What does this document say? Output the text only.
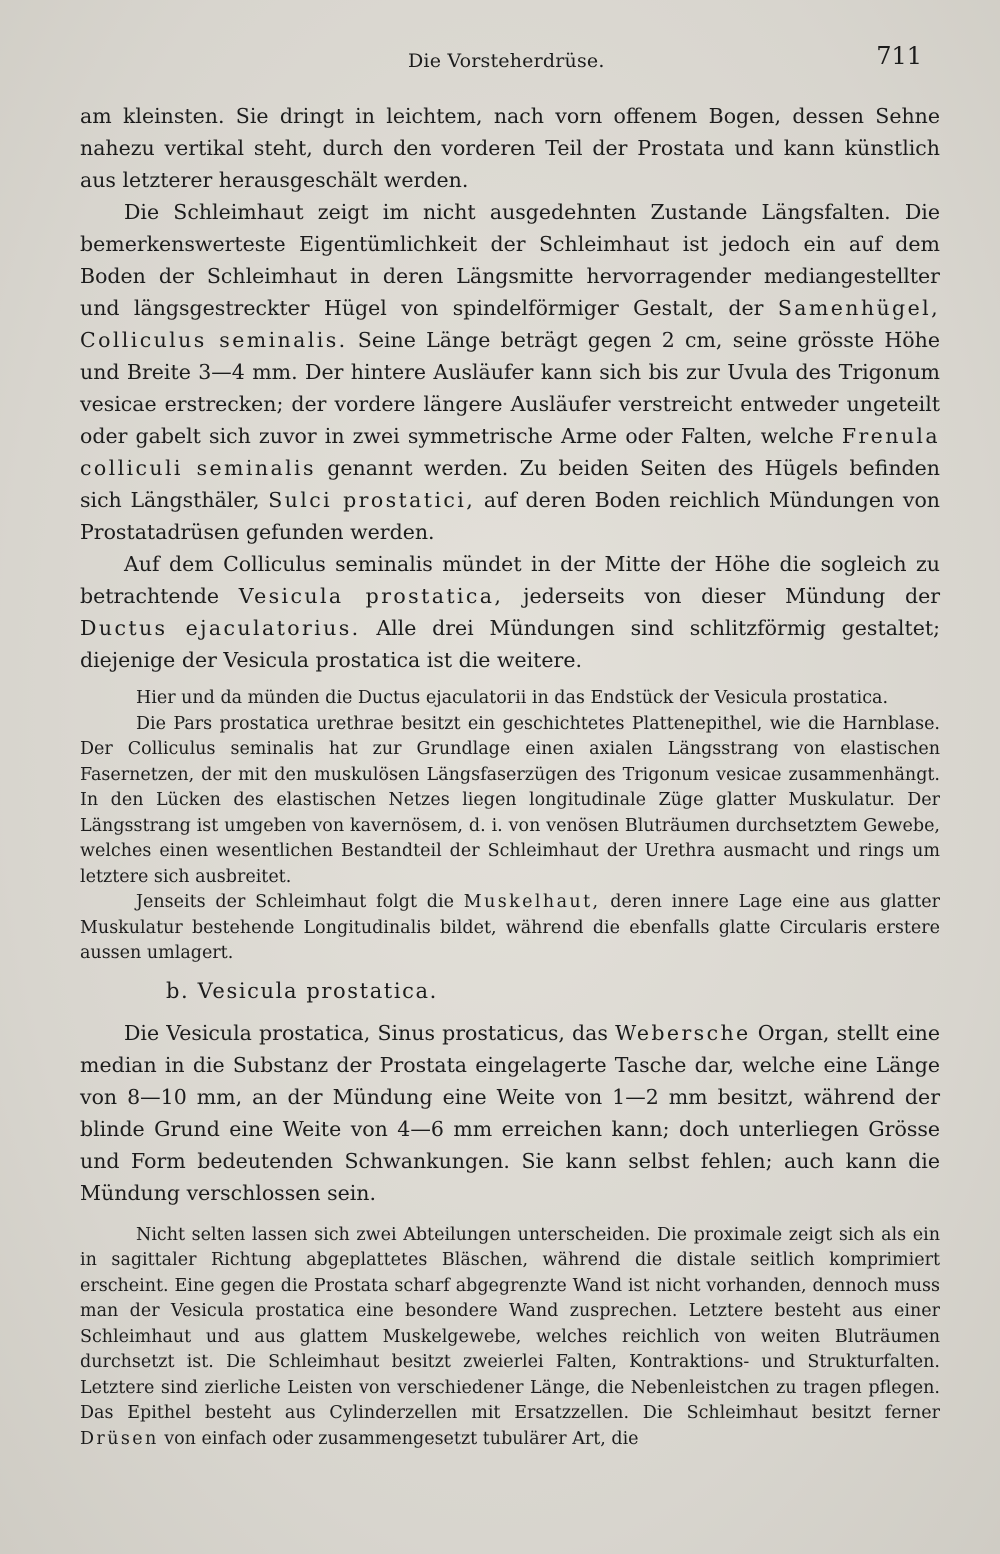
Die Vorsteherdrüse.	711

am kleinsten. Sie dringt in leichtem, nach vorn offenem Bogen, dessen Sehne nahezu vertikal steht, durch den vorderen Teil der Prostata und kann künstlich aus letzterer herausgeschält werden.

Die Schleimhaut zeigt im nicht ausgedehnten Zustande Längsfalten. Die bemerkenswerteste Eigentümlichkeit der Schleimhaut ist jedoch ein auf dem Boden der Schleimhaut in deren Längsmitte hervorragender mediangestellter und längsgestreckter Hügel von spindelförmiger Gestalt, der Samenhügel, Colliculus seminalis. Seine Länge beträgt gegen 2 cm, seine grösste Höhe und Breite 3—4 mm. Der hintere Ausläufer kann sich bis zur Uvula des Trigonum vesicae erstrecken; der vordere längere Ausläufer verstreicht entweder ungeteilt oder gabelt sich zuvor in zwei symmetrische Arme oder Falten, welche Frenula colliculi seminalis genannt werden. Zu beiden Seiten des Hügels befinden sich Längsthäler, Sulci prostatici, auf deren Boden reichlich Mündungen von Prostatadrüsen gefunden werden.

Auf dem Colliculus seminalis mündet in der Mitte der Höhe die sogleich zu betrachtende Vesicula prostatica, jederseits von dieser Mündung der Ductus ejaculatorius. Alle drei Mündungen sind schlitzförmig gestaltet; diejenige der Vesicula prostatica ist die weitere.

Hier und da münden die Ductus ejaculatorii in das Endstück der Vesicula prostatica.

Die Pars prostatica urethrae besitzt ein geschichtetes Plattenepithel, wie die Harnblase. Der Colliculus seminalis hat zur Grundlage einen axialen Längsstrang von elastischen Fasernetzen, der mit den muskulösen Längsfaserzügen des Trigonum vesicae zusammenhängt. In den Lücken des elastischen Netzes liegen longitudinale Züge glatter Muskulatur. Der Längsstrang ist umgeben von kavernösem, d. i. von venösen Bluträumen durchsetztem Gewebe, welches einen wesentlichen Bestandteil der Schleimhaut der Urethra ausmacht und rings um letztere sich ausbreitet.

Jenseits der Schleimhaut folgt die Muskelhaut, deren innere Lage eine aus glatter Muskulatur bestehende Longitudinalis bildet, während die ebenfalls glatte Circularis erstere aussen umlagert.

b. Vesicula prostatica.

Die Vesicula prostatica, Sinus prostaticus, das Webersche Organ, stellt eine median in die Substanz der Prostata eingelagerte Tasche dar, welche eine Länge von 8—10 mm, an der Mündung eine Weite von 1—2 mm besitzt, während der blinde Grund eine Weite von 4—6 mm erreichen kann; doch unterliegen Grösse und Form bedeutenden Schwankungen. Sie kann selbst fehlen; auch kann die Mündung verschlossen sein.

Nicht selten lassen sich zwei Abteilungen unterscheiden. Die proximale zeigt sich als ein in sagittaler Richtung abgeplattetes Bläschen, während die distale seitlich komprimiert erscheint. Eine gegen die Prostata scharf abgegrenzte Wand ist nicht vorhanden, dennoch muss man der Vesicula prostatica eine besondere Wand zusprechen. Letztere besteht aus einer Schleimhaut und aus glattem Muskelgewebe, welches reichlich von weiten Bluträumen durchsetzt ist. Die Schleimhaut besitzt zweierlei Falten, Kontraktions- und Strukturfalten. Letztere sind zierliche Leisten von verschiedener Länge, die Nebenleistchen zu tragen pflegen. Das Epithel besteht aus Cylinderzellen mit Ersatzzellen. Die Schleimhaut besitzt ferner Drüsen von einfach oder zusammengesetzt tubulärer Art, die
